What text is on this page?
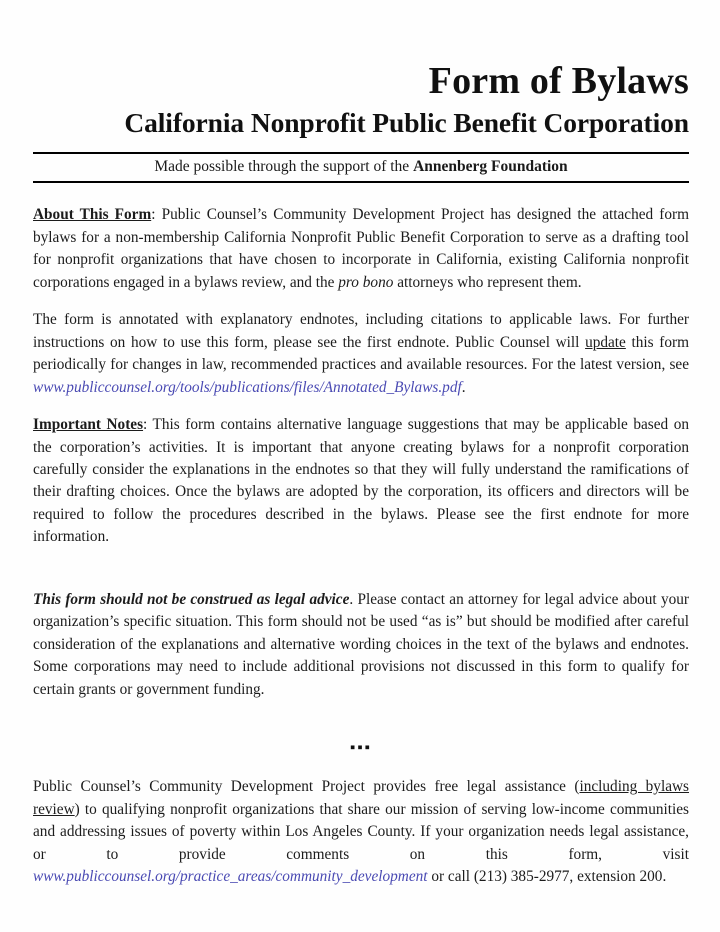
Form of Bylaws
California Nonprofit Public Benefit Corporation
Made possible through the support of the Annenberg Foundation

About This Form: Public Counsel’s Community Development Project has designed the attached form bylaws for a non-membership California Nonprofit Public Benefit Corporation to serve as a drafting tool for nonprofit organizations that have chosen to incorporate in California, existing California nonprofit corporations engaged in a bylaws review, and the pro bono attorneys who represent them.

The form is annotated with explanatory endnotes, including citations to applicable laws. For further instructions on how to use this form, please see the first endnote. Public Counsel will update this form periodically for changes in law, recommended practices and available resources. For the latest version, see www.publiccounsel.org/tools/publications/files/Annotated_Bylaws.pdf.

Important Notes: This form contains alternative language suggestions that may be applicable based on the corporation’s activities. It is important that anyone creating bylaws for a nonprofit corporation carefully consider the explanations in the endnotes so that they will fully understand the ramifications of their drafting choices. Once the bylaws are adopted by the corporation, its officers and directors will be required to follow the procedures described in the bylaws. Please see the first endnote for more information.

This form should not be construed as legal advice. Please contact an attorney for legal advice about your organization’s specific situation. This form should not be used “as is” but should be modified after careful consideration of the explanations and alternative wording choices in the text of the bylaws and endnotes. Some corporations may need to include additional provisions not discussed in this form to qualify for certain grants or government funding.

▪▪▪

Public Counsel’s Community Development Project provides free legal assistance (including bylaws review) to qualifying nonprofit organizations that share our mission of serving low-income communities and addressing issues of poverty within Los Angeles County. If your organization needs legal assistance, or to provide comments on this form, visit www.publiccounsel.org/practice_areas/community_development or call (213) 385-2977, extension 200.
